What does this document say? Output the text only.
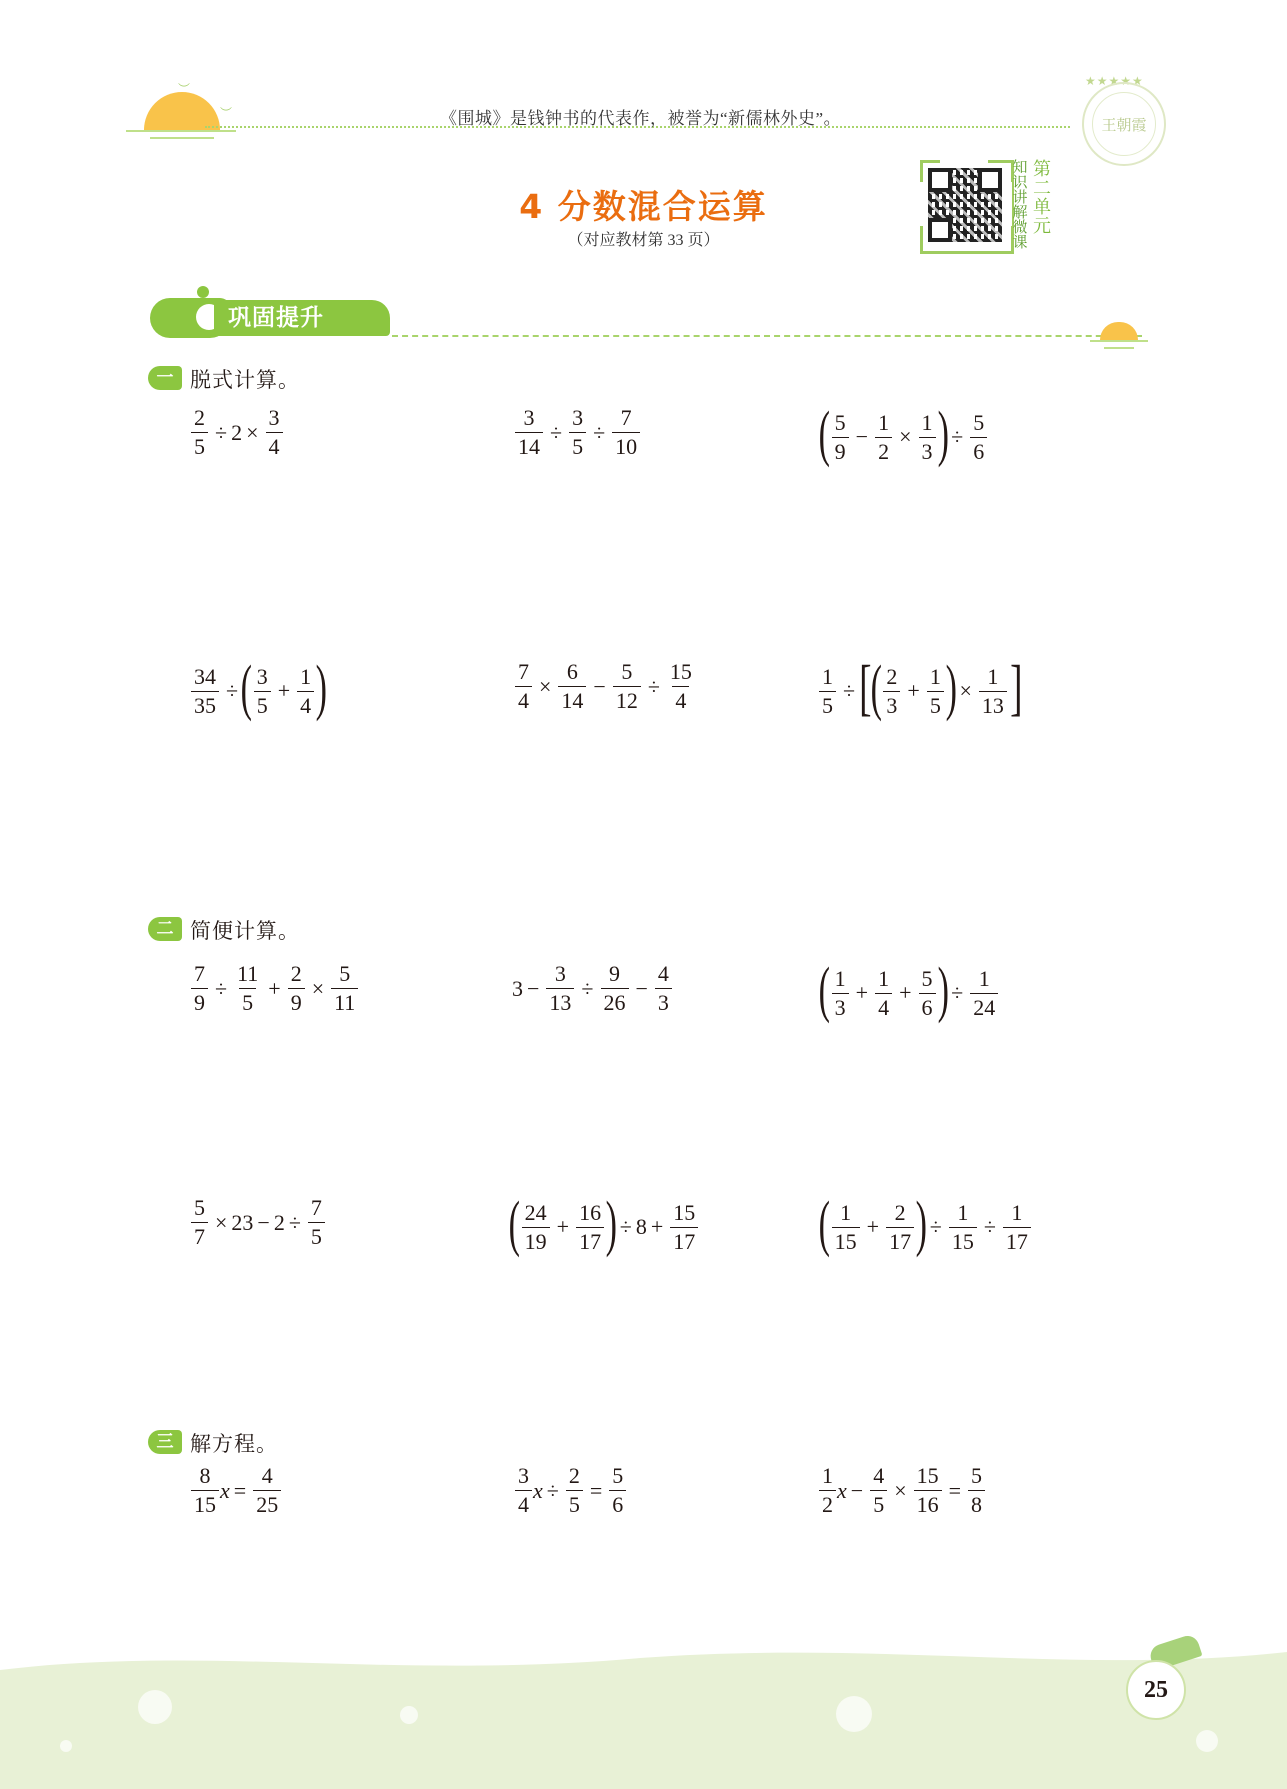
︶
︶	《围城》是钱钟书的代表作，被誉为“新儒林外史”。
★★★★★
王朝霞
4 分数混合运算
（对应教材第 33 页）
知识讲解微课
第二单元
巩固提升
一 脱式计算。
$\frac{2}{5} \div 2 \times \frac{3}{4}$	$\frac{3}{14} \div \frac{3}{5} \div \frac{7}{10}$	( 5
9
− $\frac{1}{2} \times \frac{1}{3}$ ) ÷ $\frac{5}{6}$
$\frac{34}{35}$ ÷ ( 3
5
+ $\frac{1}{4}$ )	$\frac{7}{4} \times \frac{6}{14} - \frac{5}{12} \div \frac{15}{4}$	$\frac{1}{5}$ ÷ [
( 2
3
+ $\frac{1}{5}$ ) × $\frac{1}{13}$ ]
二 简便计算。
$\frac{7}{9} \div \frac{11}{5} + \frac{2}{9} \times \frac{5}{11}$	$3 - \frac{3}{13} \div \frac{9}{26} - \frac{4}{3}$ ( 1
3
+ $\frac{1}{4} + \frac{5}{6}$ ) ÷ $\frac{1}{24}$
$\frac{5}{7} \times 23 - 2 \div \frac{7}{5}$	( 24
19
+ $\frac{16}{17}$ ) ÷ $8 + \frac{15}{17}$ ( 1
15
+ $\frac{2}{17}$ ) ÷ $\frac{1}{15} \div \frac{1}{17}$
三 解方程。
8
15
$x = \frac{4}{25}$	3
4
$x \div \frac{2}{5} = \frac{5}{6}$	1
2
$x - \frac{4}{5} \times \frac{15}{16} = \frac{5}{8}$
25
